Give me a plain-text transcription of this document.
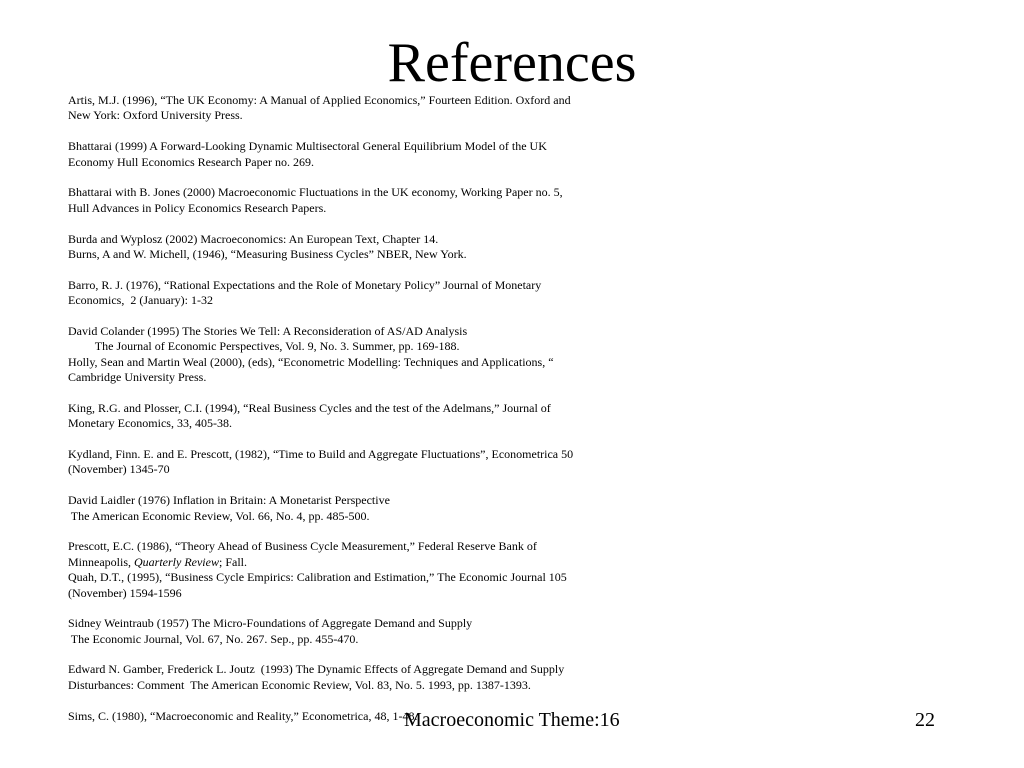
References
Artis, M.J. (1996), “The UK Economy: A Manual of Applied Economics,” Fourteen Edition. Oxford and
New York: Oxford University Press.
Bhattarai (1999) A Forward-Looking Dynamic Multisectoral General Equilibrium Model of the UK
Economy Hull Economics Research Paper no. 269.
Bhattarai with B. Jones (2000) Macroeconomic Fluctuations in the UK economy, Working Paper no. 5,
Hull Advances in Policy Economics Research Papers.
Burda and Wyplosz (2002) Macroeconomics: An European Text, Chapter 14.
Burns, A and W. Michell, (1946), “Measuring Business Cycles” NBER, New York.
Barro, R. J. (1976), “Rational Expectations and the Role of Monetary Policy” Journal of Monetary
Economics,  2 (January): 1-32
David Colander (1995) The Stories We Tell: A Reconsideration of AS/AD Analysis
The Journal of Economic Perspectives, Vol. 9, No. 3. Summer, pp. 169-188.
Holly, Sean and Martin Weal (2000), (eds), “Econometric Modelling: Techniques and Applications, “
Cambridge University Press.
King, R.G. and Plosser, C.I. (1994), “Real Business Cycles and the test of the Adelmans,” Journal of
Monetary Economics, 33, 405-38.
Kydland, Finn. E. and E. Prescott, (1982), “Time to Build and Aggregate Fluctuations”, Econometrica 50
(November) 1345-70
David Laidler (1976) Inflation in Britain: A Monetarist Perspective
The American Economic Review, Vol. 66, No. 4, pp. 485-500.
Prescott, E.C. (1986), “Theory Ahead of Business Cycle Measurement,” Federal Reserve Bank of
Minneapolis, Quarterly Review; Fall.
Quah, D.T., (1995), “Business Cycle Empirics: Calibration and Estimation,” The Economic Journal 105
(November) 1594-1596
Sidney Weintraub (1957) The Micro-Foundations of Aggregate Demand and Supply
The Economic Journal, Vol. 67, No. 267. Sep., pp. 455-470.
Edward N. Gamber, Frederick L. Joutz  (1993) The Dynamic Effects of Aggregate Demand and Supply
Disturbances: Comment  The American Economic Review, Vol. 83, No. 5. 1993, pp. 1387-1393.
Sims, C. (1980), “Macroeconomic and Reality,” Econometrica, 48, 1-48.
Macroeconomic Theme:16	22
